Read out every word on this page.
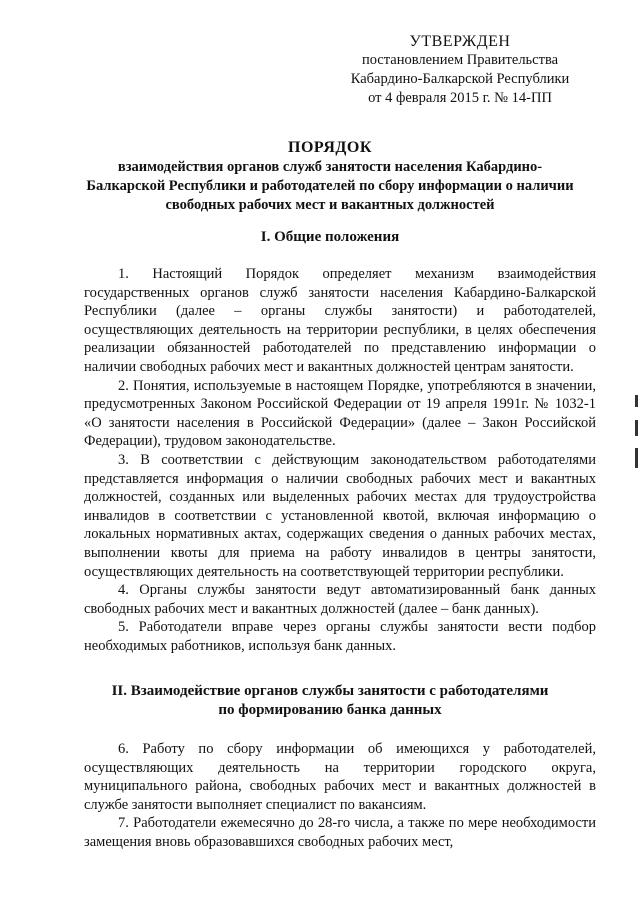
УТВЕРЖДЕН
постановлением Правительства
Кабардино-Балкарской Республики
от 4 февраля 2015 г. № 14-ПП
ПОРЯДОК
взаимодействия органов служб занятости населения Кабардино-Балкарской Республики и работодателей по сбору информации о наличии свободных рабочих мест и вакантных должностей
I. Общие положения

1. Настоящий Порядок определяет механизм взаимодействия государственных органов служб занятости населения Кабардино-Балкарской Республики (далее – органы службы занятости) и работодателей, осуществляющих деятельность на территории республики, в целях обеспечения реализации обязанностей работодателей по представлению информации о наличии свободных рабочих мест и вакантных должностей центрам занятости.

2. Понятия, используемые в настоящем Порядке, употребляются в значении, предусмотренных Законом Российской Федерации от 19 апреля 1991г. № 1032-1 «О занятости населения в Российской Федерации» (далее – Закон Российской Федерации), трудовом законодательстве.

3. В соответствии с действующим законодательством работодателями представляется информация о наличии свободных рабочих мест и вакантных должностей, созданных или выделенных рабочих местах для трудоустройства инвалидов в соответствии с установленной квотой, включая информацию о локальных нормативных актах, содержащих сведения о данных рабочих местах, выполнении квоты для приема на работу инвалидов в центры занятости, осуществляющих деятельность на соответствующей территории республики.

4. Органы службы занятости ведут автоматизированный банк данных свободных рабочих мест и вакантных должностей (далее – банк данных).

5. Работодатели вправе через органы службы занятости вести подбор необходимых работников, используя банк данных.

II. Взаимодействие органов службы занятости с работодателями
по формированию банка данных

6. Работу по сбору информации об имеющихся у работодателей, осуществляющих деятельность на территории городского округа, муниципального района, свободных рабочих мест и вакантных должностей в службе занятости выполняет специалист по вакансиям.

7. Работодатели ежемесячно до 28-го числа, а также по мере необходимости замещения вновь образовавшихся свободных рабочих мест,
